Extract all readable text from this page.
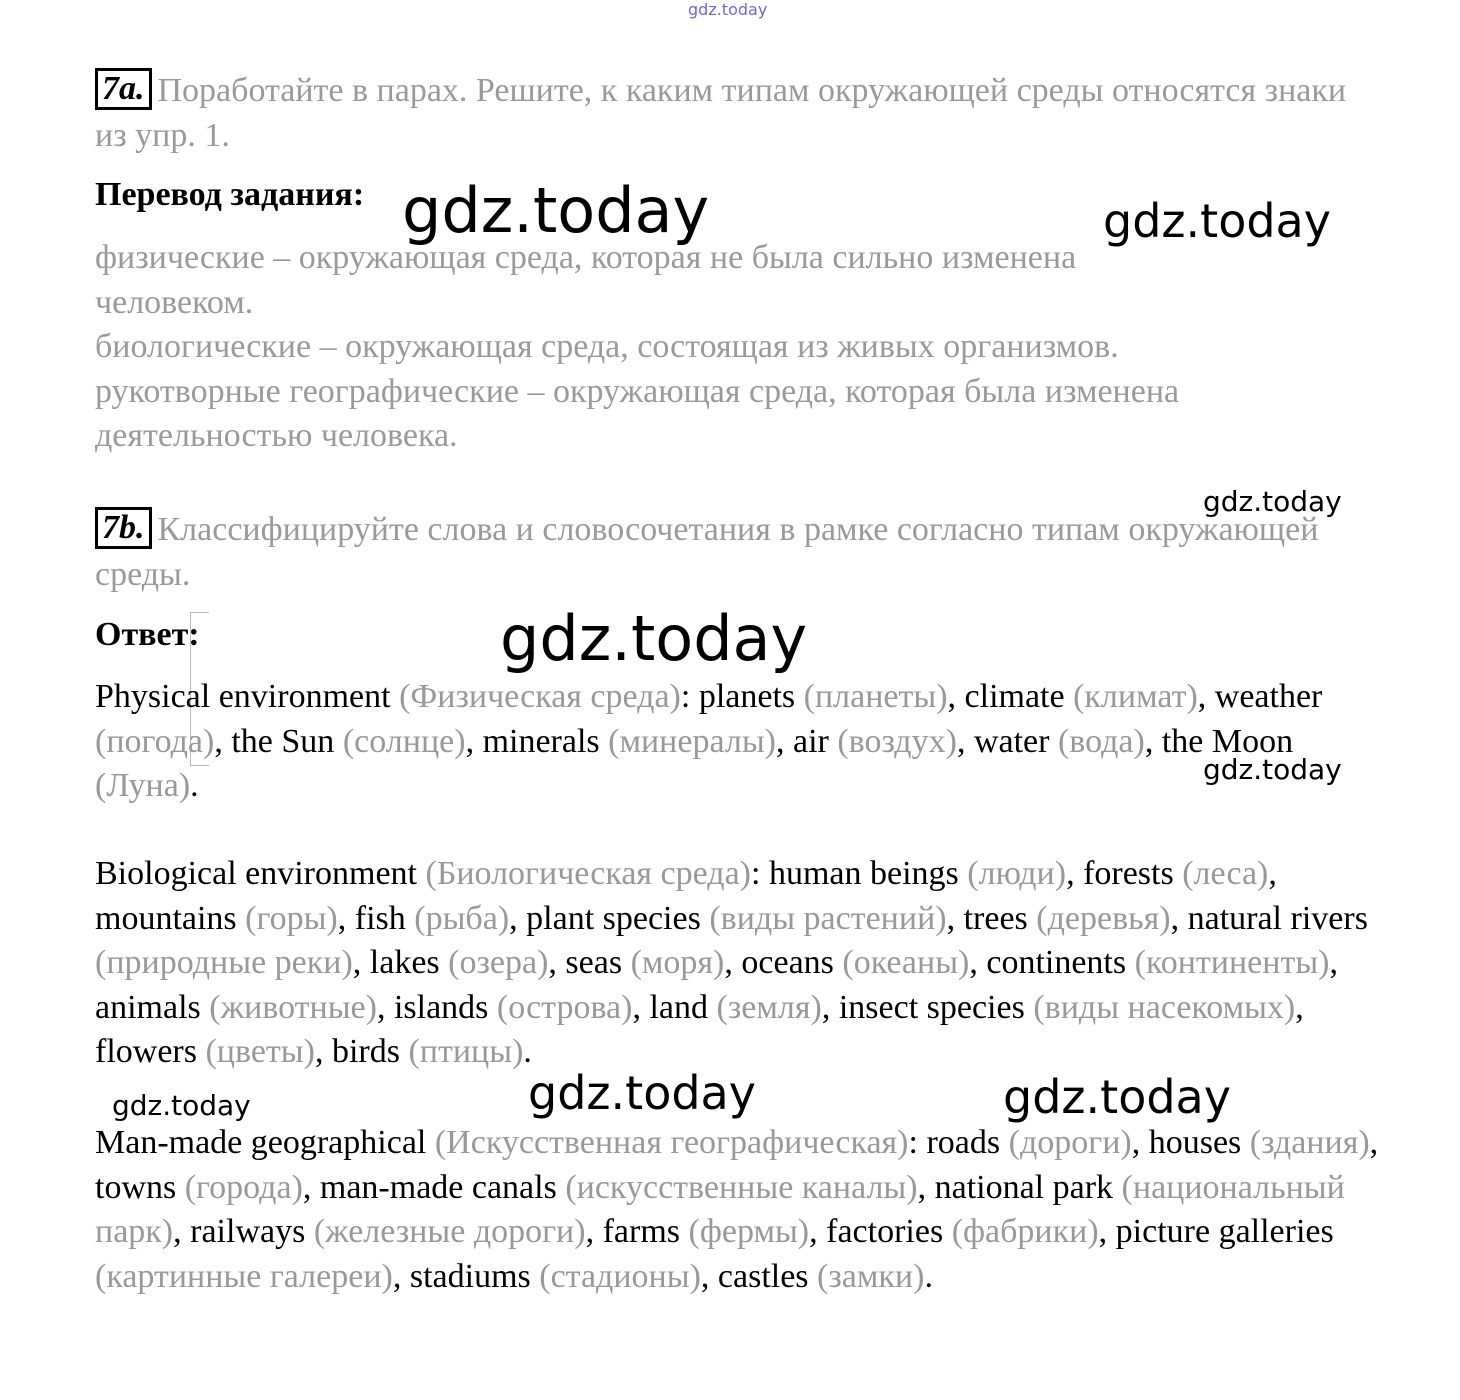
gdz.today
gdz.today	gdz.today
gdz.today
gdz.today
gdz.today
gdz.today	gdz.today
gdz.today
7a. Поработайте в парах. Решите, к каким типам окружающей среды относятся знаки из упр. 1.
Перевод задания:

физические – окружающая среда, которая не была сильно изменена человеком.

биологические – окружающая среда, состоящая из живых организмов.

рукотворные географические – окружающая среда, которая была изменена деятельностью человека.

7b. Классифицируйте слова и словосочетания в рамке согласно типам окружающей среды.
Ответ:
Physical environment (Физическая среда): planets (планеты), climate (климат), weather (погода), the Sun (солнце), minerals (минералы), air (воздух), water (вода), the Moon (Луна).
Biological environment (Биологическая среда): human beings (люди), forests (леса), mountains (горы), fish (рыба), plant species (виды растений), trees (деревья), natural rivers (природные реки), lakes (озера), seas (моря), oceans (океаны), continents (континенты), animals (животные), islands (острова), land (земля), insect species (виды насекомых), flowers (цветы), birds (птицы).
Man-made geographical (Искусственная географическая): roads (дороги), houses (здания), towns (города), man-made canals (искусственные каналы), national park (национальный парк), railways (железные дороги), farms (фермы), factories (фабрики), picture galleries (картинные галереи), stadiums (стадионы), castles (замки).
